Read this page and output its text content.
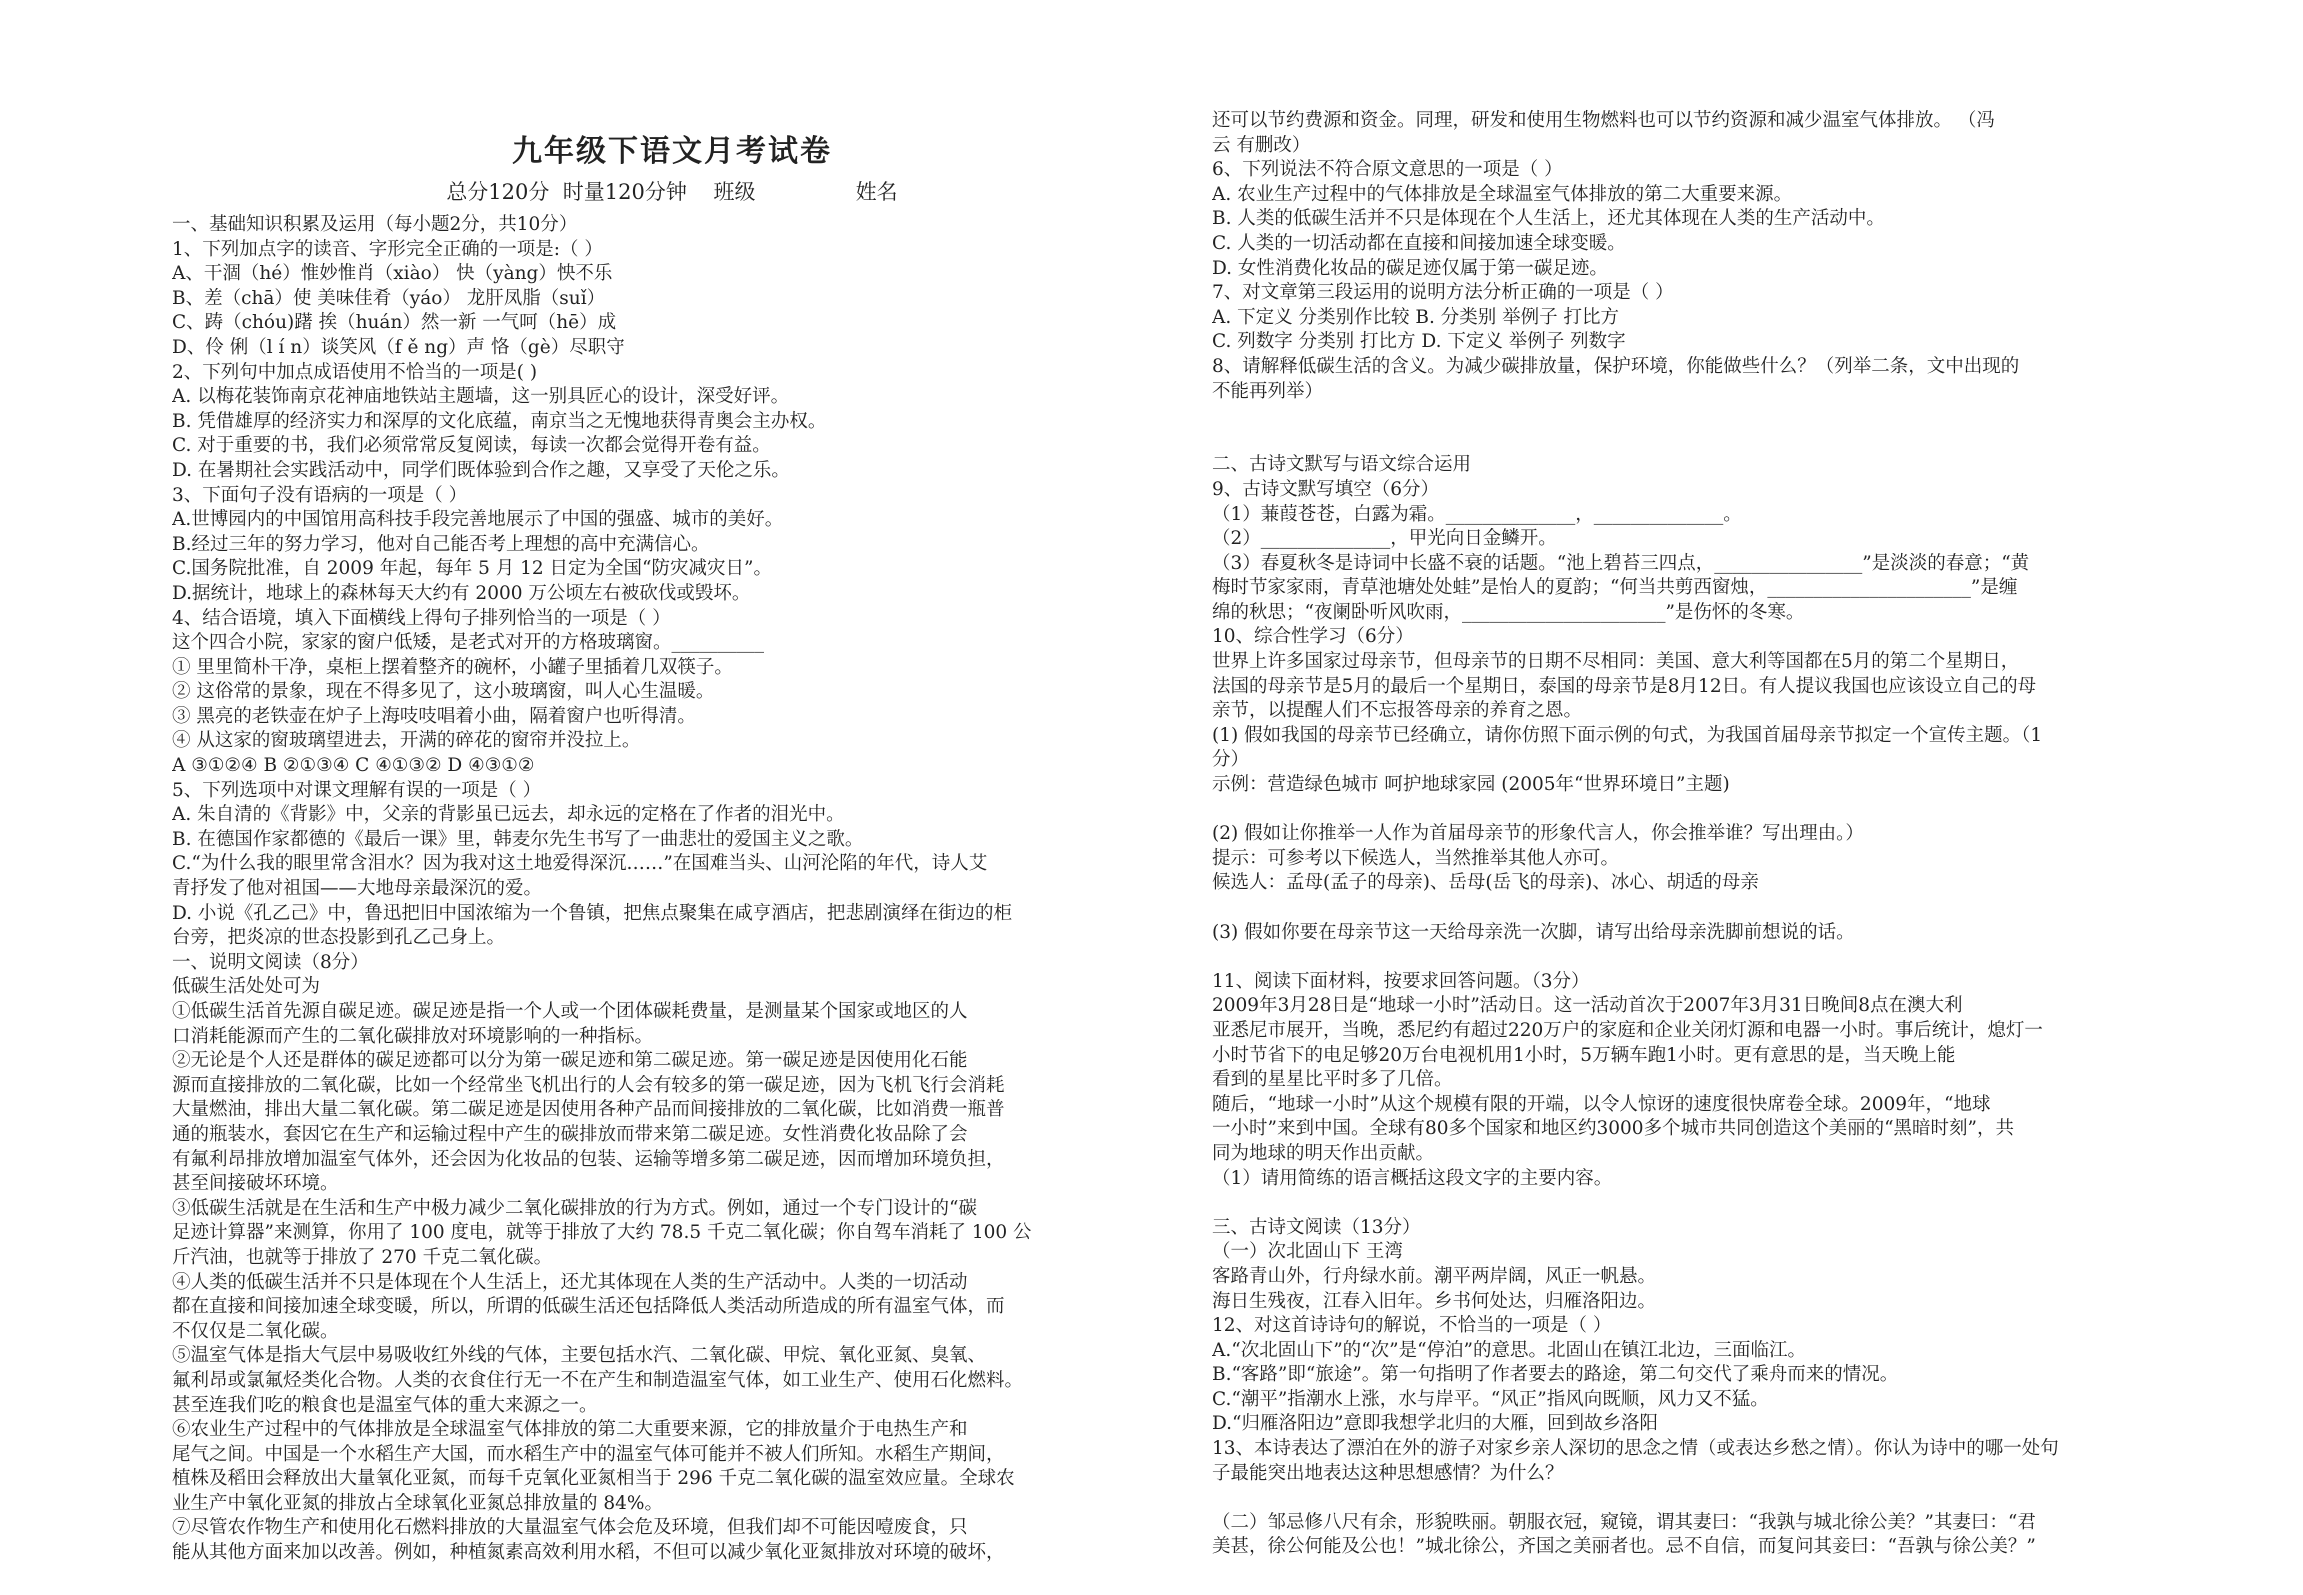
九年级下语文月考试卷
总分120分  时量120分钟    班级               姓名
一、基础知识积累及运用（每小题2分，共10分）
1、下列加点字的读音、字形完全正确的一项是:（ ）
A、干涸（hé）惟妙惟肖（xiào） 快（yàng）怏不乐
B、差（chā）使 美味佳肴（yáo） 龙肝凤脂（suǐ）
C、踌（chóu)躇 挨（huán）然一新 一气呵（hē）成
D、伶 俐（l í n）谈笑风（f ě ng）声 恪（gè）尽职守
2、下列句中加点成语使用不恰当的一项是( )
A. 以梅花装饰南京花神庙地铁站主题墙，这一别具匠心的设计，深受好评。
B. 凭借雄厚的经济实力和深厚的文化底蕴，南京当之无愧地获得青奥会主办权。
C. 对于重要的书，我们必须常常反复阅读，每读一次都会觉得开卷有益。
D. 在暑期社会实践活动中，同学们既体验到合作之趣，又享受了天伦之乐。
3、下面句子没有语病的一项是（ ）
A.世博园内的中国馆用高科技手段完善地展示了中国的强盛、城市的美好。
B.经过三年的努力学习，他对自己能否考上理想的高中充满信心。
C.国务院批准，自 2009 年起，每年 5 月 12 日定为全国“防灾减灾日”。
D.据统计，地球上的森林每天大约有 2000 万公顷左右被砍伐或毁坏。
4、结合语境，填入下面横线上得句子排列恰当的一项是（ ）
这个四合小院，家家的窗户低矮，是老式对开的方格玻璃窗。__________
① 里里简朴干净，桌柜上摆着整齐的碗杯，小罐子里插着几双筷子。
② 这俗常的景象，现在不得多见了，这小玻璃窗，叫人心生温暖。
③ 黑亮的老铁壶在炉子上海吱吱唱着小曲，隔着窗户也听得清。
④ 从这家的窗玻璃望进去，开满的碎花的窗帘并没拉上。
A ③①②④ B ②①③④ C ④①③② D ④③①②
5、下列选项中对课文理解有误的一项是（ ）
A. 朱自清的《背影》中，父亲的背影虽已远去，却永远的定格在了作者的泪光中。
B. 在德国作家都德的《最后一课》里，韩麦尔先生书写了一曲悲壮的爱国主义之歌。
C.“为什么我的眼里常含泪水？因为我对这土地爱得深沉……”在国难当头、山河沦陷的年代，诗人艾
青抒发了他对祖国——大地母亲最深沉的爱。
D. 小说《孔乙己》中，鲁迅把旧中国浓缩为一个鲁镇，把焦点聚集在咸亨酒店，把悲剧演绎在街边的柜
台旁，把炎凉的世态投影到孔乙己身上。
一、说明文阅读（8分）
低碳生活处处可为
①低碳生活首先源自碳足迹。碳足迹是指一个人或一个团体碳耗费量，是测量某个国家或地区的人
口消耗能源而产生的二氧化碳排放对环境影响的一种指标。
②无论是个人还是群体的碳足迹都可以分为第一碳足迹和第二碳足迹。第一碳足迹是因使用化石能
源而直接排放的二氧化碳，比如一个经常坐飞机出行的人会有较多的第一碳足迹，因为飞机飞行会消耗
大量燃油，排出大量二氧化碳。第二碳足迹是因使用各种产品而间接排放的二氧化碳，比如消费一瓶普
通的瓶装水，套因它在生产和运输过程中产生的碳排放而带来第二碳足迹。女性消费化妆品除了会
有氟利昂排放增加温室气体外，还会因为化妆品的包装、运输等增多第二碳足迹，因而增加环境负担，
甚至间接破坏环境。
③低碳生活就是在生活和生产中极力减少二氧化碳排放的行为方式。例如，通过一个专门设计的“碳
足迹计算器”来测算，你用了 100 度电，就等于排放了大约 78.5 千克二氧化碳；你自驾车消耗了 100 公
斤汽油，也就等于排放了 270 千克二氧化碳。
④人类的低碳生活并不只是体现在个人生活上，还尤其体现在人类的生产活动中。人类的一切活动
都在直接和间接加速全球变暖，所以，所谓的低碳生活还包括降低人类活动所造成的所有温室气体，而
不仅仅是二氧化碳。
⑤温室气体是指大气层中易吸收红外线的气体，主要包括水汽、二氧化碳、甲烷、氧化亚氮、臭氧、
氟利昂或氯氟烃类化合物。人类的衣食住行无一不在产生和制造温室气体，如工业生产、使用石化燃料。
甚至连我们吃的粮食也是温室气体的重大来源之一。
⑥农业生产过程中的气体排放是全球温室气体排放的第二大重要来源，它的排放量介于电热生产和
尾气之间。中国是一个水稻生产大国，而水稻生产中的温室气体可能并不被人们所知。水稻生产期间，
植株及稻田会释放出大量氧化亚氮，而每千克氧化亚氮相当于 296 千克二氧化碳的温室效应量。全球农
业生产中氧化亚氮的排放占全球氧化亚氮总排放量的 84%。
⑦尽管农作物生产和使用化石燃料排放的大量温室气体会危及环境，但我们却不可能因噎废食，只
能从其他方面来加以改善。例如，种植氮素高效利用水稻，不但可以减少氧化亚氮排放对环境的破坏，
还可以节约费源和资金。同理，研发和使用生物燃料也可以节约资源和减少温室气体排放。 （冯
云 有删改）
6、下列说法不符合原文意思的一项是（ ）
A. 农业生产过程中的气体排放是全球温室气体排放的第二大重要来源。
B. 人类的低碳生活并不只是体现在个人生活上，还尤其体现在人类的生产活动中。
C. 人类的一切活动都在直接和间接加速全球变暖。
D. 女性消费化妆品的碳足迹仅属于第一碳足迹。
7、对文章第三段运用的说明方法分析正确的一项是（ ）
A. 下定义 分类别作比较 B. 分类别 举例子 打比方
C. 列数字 分类别 打比方 D. 下定义 举例子 列数字
8、请解释低碳生活的含义。为减少碳排放量，保护环境，你能做些什么？（列举二条，文中出现的
不能再列举）

二、古诗文默写与语文综合运用
9、古诗文默写填空（6分）
（1）蒹葭苍苍，白露为霜。______________，______________。
（2）______________，甲光向日金鳞开。
（3）春夏秋冬是诗词中长盛不衰的话题。“池上碧苔三四点，________________”是淡淡的春意；“黄
梅时节家家雨，青草池塘处处蛙”是怡人的夏韵；“何当共剪西窗烛，______________________”是缠
绵的秋思；“夜阑卧听风吹雨，______________________”是伤怀的冬寒。
10、综合性学习（6分）
世界上许多国家过母亲节，但母亲节的日期不尽相同：美国、意大利等国都在5月的第二个星期日，
法国的母亲节是5月的最后一个星期日，泰国的母亲节是8月12日。有人提议我国也应该设立自己的母
亲节，以提醒人们不忘报答母亲的养育之恩。
(1) 假如我国的母亲节已经确立，请你仿照下面示例的句式，为我国首届母亲节拟定一个宣传主题。（1
分）
示例：营造绿色城市 呵护地球家园 (2005年“世界环境日”主题)

(2) 假如让你推举一人作为首届母亲节的形象代言人，你会推举谁？写出理由。）
提示：可参考以下候选人，当然推举其他人亦可。
候选人：孟母(孟子的母亲)、岳母(岳飞的母亲)、冰心、胡适的母亲

(3) 假如你要在母亲节这一天给母亲洗一次脚，请写出给母亲洗脚前想说的话。

11、阅读下面材料，按要求回答问题。（3分）
2009年3月28日是“地球一小时”活动日。这一活动首次于2007年3月31日晚间8点在澳大利
亚悉尼市展开，当晚，悉尼约有超过220万户的家庭和企业关闭灯源和电器一小时。事后统计，熄灯一
小时节省下的电足够20万台电视机用1小时，5万辆车跑1小时。更有意思的是，当天晚上能
看到的星星比平时多了几倍。
随后，“地球一小时”从这个规模有限的开端，以令人惊讶的速度很快席卷全球。2009年，“地球
一小时”来到中国。全球有80多个国家和地区约3000多个城市共同创造这个美丽的“黑暗时刻”，共
同为地球的明天作出贡献。
（1）请用简练的语言概括这段文字的主要内容。

三、古诗文阅读（13分）
（一）次北固山下 王湾
客路青山外，行舟绿水前。潮平两岸阔，风正一帆悬。
海日生残夜，江春入旧年。乡书何处达，归雁洛阳边。
12、对这首诗诗句的解说，不恰当的一项是（ ）
A.“次北固山下”的“次”是“停泊”的意思。北固山在镇江北边，三面临江。
B.“客路”即“旅途”。第一句指明了作者要去的路途，第二句交代了乘舟而来的情况。
C.“潮平”指潮水上涨，水与岸平。“风正”指风向既顺，风力又不猛。
D.“归雁洛阳边”意即我想学北归的大雁，回到故乡洛阳
13、本诗表达了漂泊在外的游子对家乡亲人深切的思念之情（或表达乡愁之情）。你认为诗中的哪一处句
子最能突出地表达这种思想感情？为什么？

（二）邹忌修八尺有余，形貌昳丽。朝服衣冠，窥镜，谓其妻曰：“我孰与城北徐公美？”其妻曰：“君
美甚，徐公何能及公也！”城北徐公，齐国之美丽者也。忌不自信，而复问其妾曰：“吾孰与徐公美？”
